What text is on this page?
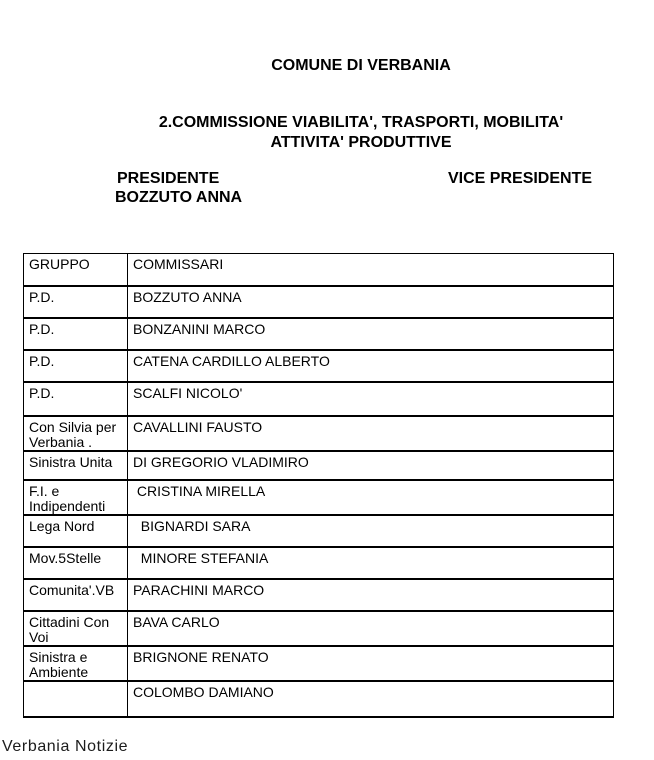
COMUNE DI VERBANIA
2.COMMISSIONE VIABILITA', TRASPORTI, MOBILITA'
ATTIVITA' PRODUTTIVE
PRESIDENTE
BOZZUTO ANNA
VICE PRESIDENTE
GRUPPO	COMMISSARI
P.D.	BOZZUTO ANNA
P.D.	BONZANINI MARCO
P.D.	CATENA CARDILLO ALBERTO
P.D.	SCALFI NICOLO'
Con Silvia per Verbania .	CAVALLINI FAUSTO
Sinistra Unita	DI GREGORIO VLADIMIRO
F.I. e Indipendenti	CRISTINA MIRELLA
Lega Nord	BIGNARDI SARA
Mov.5Stelle	MINORE STEFANIA
Comunita'.VB	PARACHINI MARCO
Cittadini Con Voi	BAVA CARLO
Sinistra e Ambiente	BRIGNONE RENATO
	COLOMBO DAMIANO
Verbania Notizie
